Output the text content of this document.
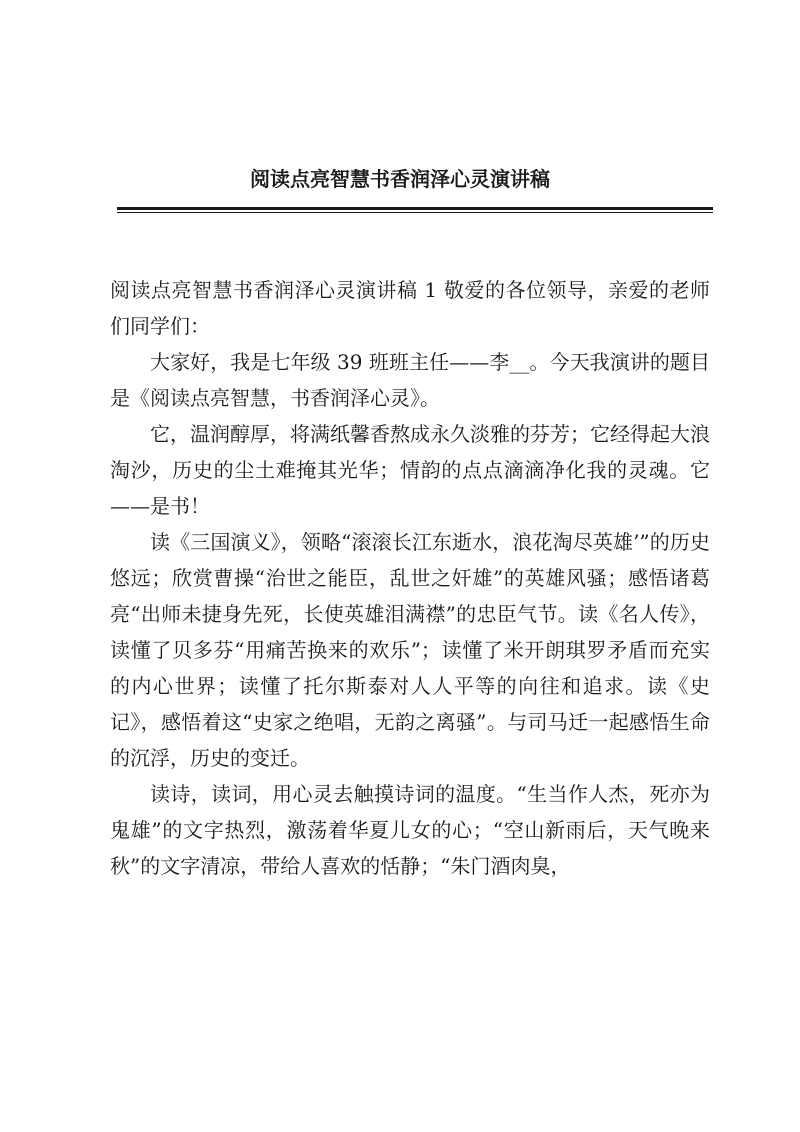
阅读点亮智慧书香润泽心灵演讲稿

阅读点亮智慧书香润泽心灵演讲稿 1 敬爱的各位领导，亲爱的老师们同学们：

大家好，我是七年级 39 班班主任——李__。今天我演讲的题目是《阅读点亮智慧，书香润泽心灵》。

它，温润醇厚，将满纸馨香熬成永久淡雅的芬芳；它经得起大浪淘沙，历史的尘土难掩其光华；情韵的点点滴滴净化我的灵魂。它——是书！

读《三国演义》，领略“滚滚长江东逝水，浪花淘尽英雄’”的历史悠远；欣赏曹操“治世之能臣，乱世之奸雄”的英雄风骚；感悟诸葛亮“出师未捷身先死，长使英雄泪满襟”的忠臣气节。读《名人传》，读懂了贝多芬“用痛苦换来的欢乐”；读懂了米开朗琪罗矛盾而充实的内心世界；读懂了托尔斯泰对人人平等的向往和追求。读《史记》，感悟着这“史家之绝唱，无韵之离骚”。与司马迁一起感悟生命的沉浮，历史的变迁。

读诗，读词，用心灵去触摸诗词的温度。“生当作人杰，死亦为鬼雄”的文字热烈，激荡着华夏儿女的心；“空山新雨后，天气晚来秋”的文字清凉，带给人喜欢的恬静；“朱门酒肉臭，
